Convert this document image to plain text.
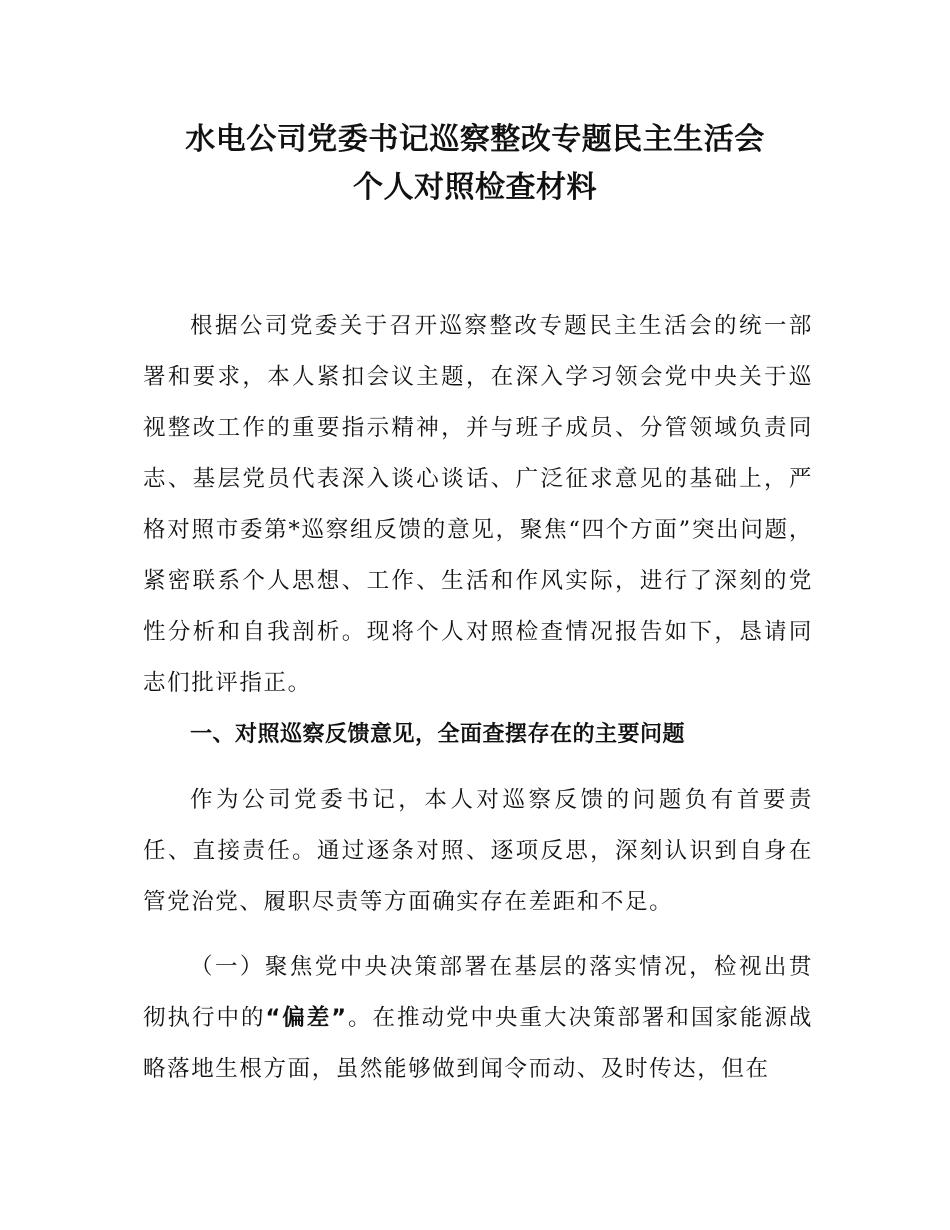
水电公司党委书记巡察整改专题民主生活会
个人对照检查材料
根据公司党委关于召开巡察整改专题民主生活会的统一部署和要求，本人紧扣会议主题，在深入学习领会党中央关于巡视整改工作的重要指示精神，并与班子成员、分管领域负责同志、基层党员代表深入谈心谈话、广泛征求意见的基础上，严格对照市委第*巡察组反馈的意见，聚焦“四个方面”突出问题，紧密联系个人思想、工作、生活和作风实际，进行了深刻的党性分析和自我剖析。现将个人对照检查情况报告如下，恳请同志们批评指正。
一、对照巡察反馈意见，全面查摆存在的主要问题
作为公司党委书记，本人对巡察反馈的问题负有首要责任、直接责任。通过逐条对照、逐项反思，深刻认识到自身在管党治党、履职尽责等方面确实存在差距和不足。
（一）聚焦党中央决策部署在基层的落实情况，检视出贯彻执行中的“偏差”。在推动党中央重大决策部署和国家能源战略落地生根方面，虽然能够做到闻令而动、及时传达，但在
